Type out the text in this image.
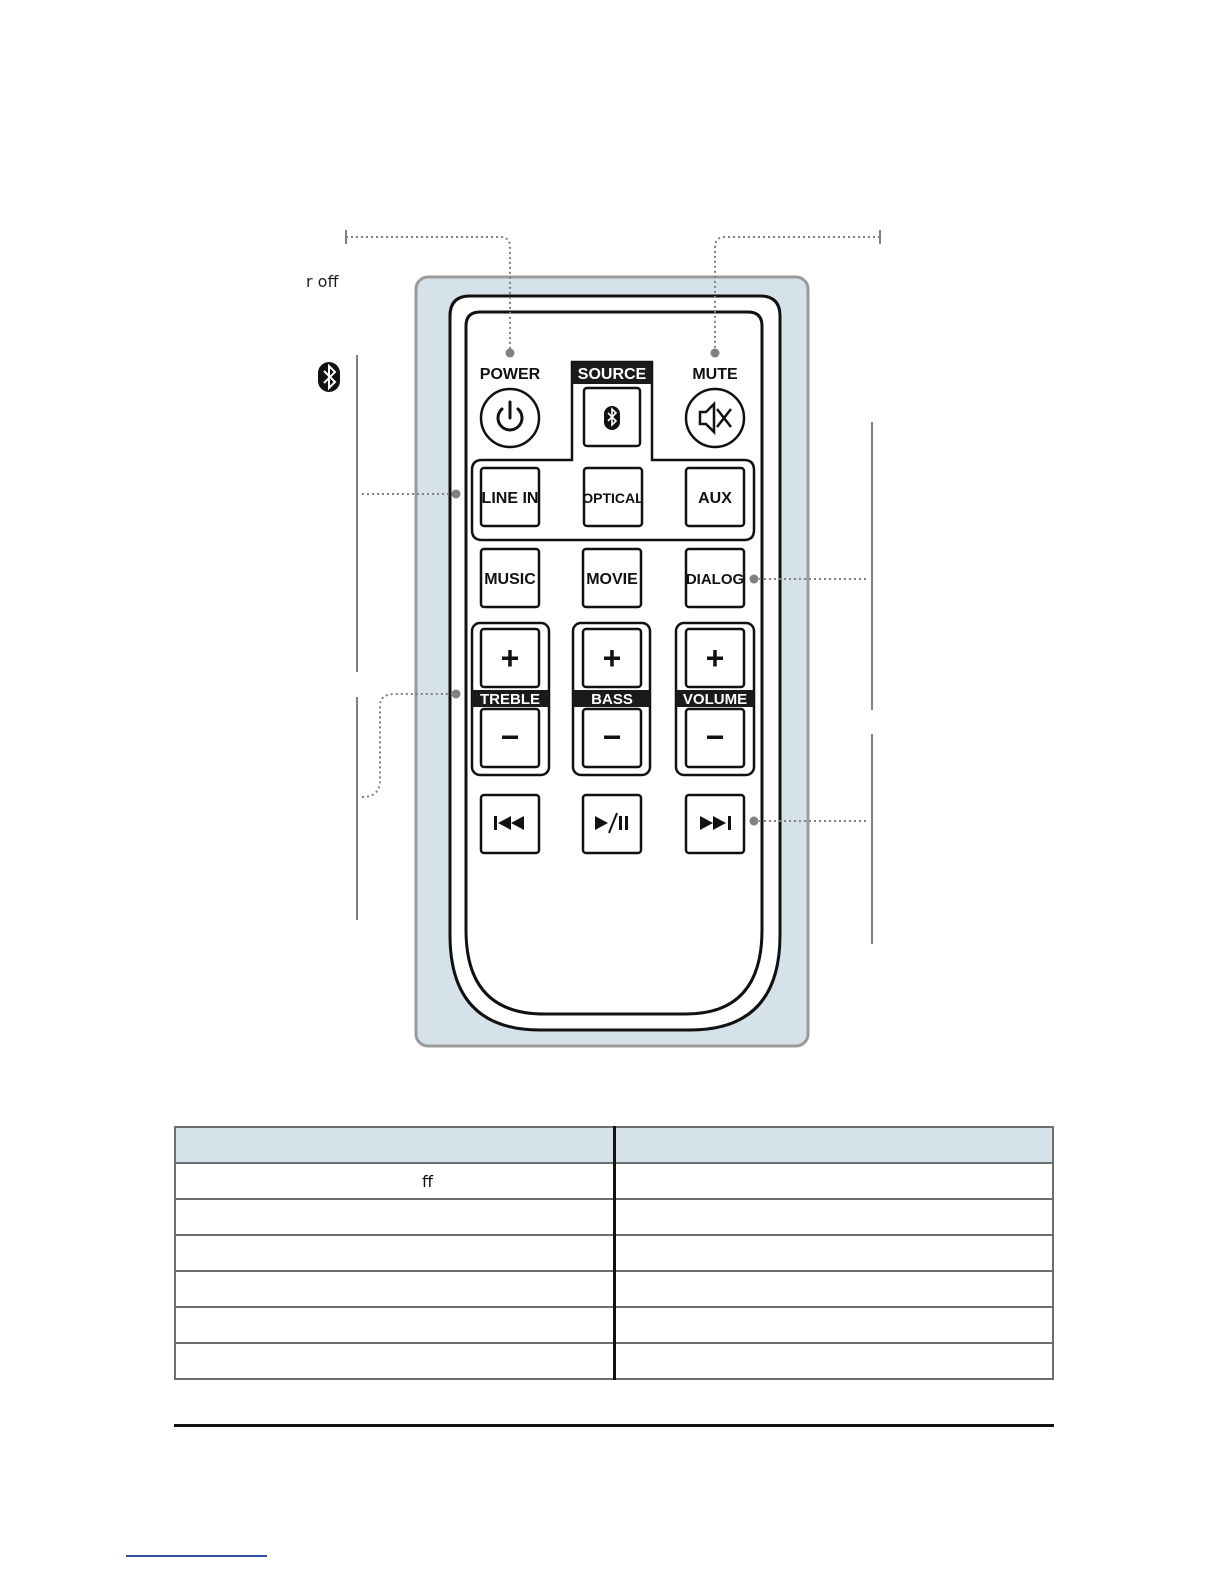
SOURCE
POWER	MUTE
LINE IN	OPTICAL	AUX
MUSIC	MOVIE	DIALOG
+
TREBLE
−
+
BASS
−
+
VOLUME
−
r off

ff	
